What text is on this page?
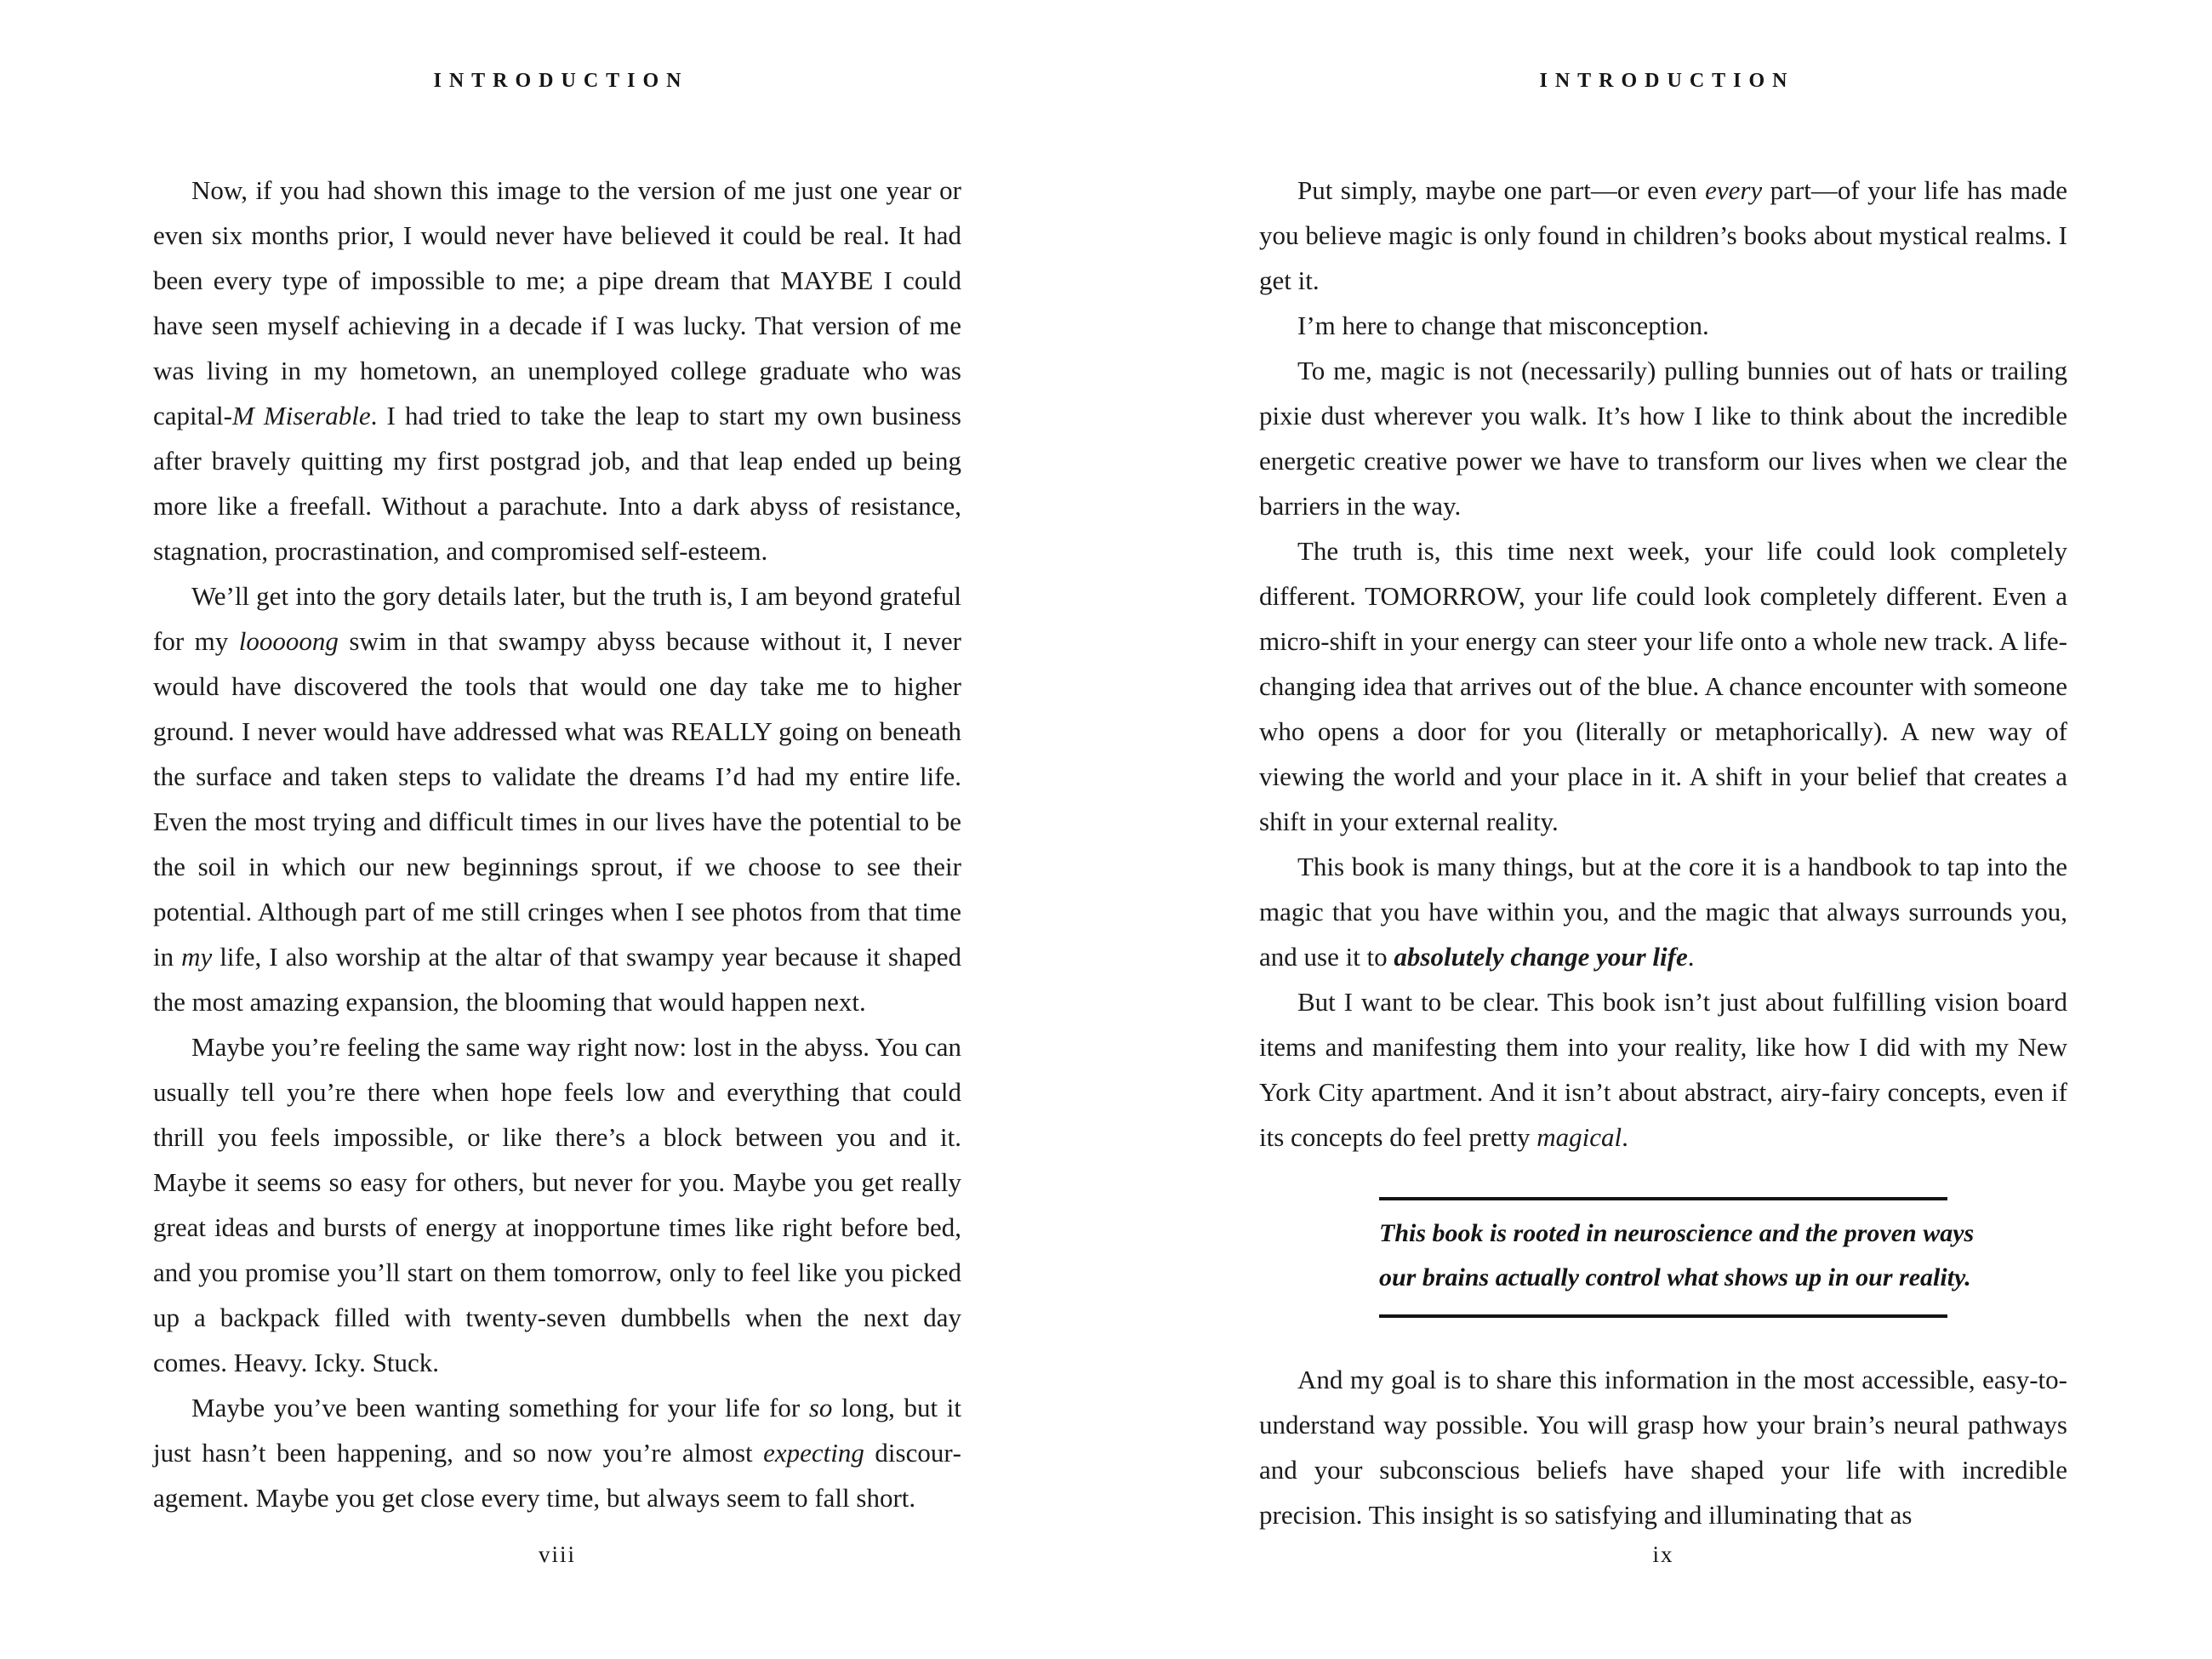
INTRODUCTION

Now, if you had shown this image to the version of me just one year or even six months prior, I would never have believed it could be real. It had been every type of impossible to me; a pipe dream that MAYBE I could have seen myself achieving in a decade if I was lucky. That version of me was living in my hometown, an unemployed college graduate who was capital-M Miserable. I had tried to take the leap to start my own business after bravely quitting my first postgrad job, and that leap ended up being more like a freefall. Without a parachute. Into a dark abyss of resistance, stagnation, procrastination, and compromised self-esteem.

We’ll get into the gory details later, but the truth is, I am beyond grateful for my looooong swim in that swampy abyss because without it, I never would have discovered the tools that would one day take me to higher ground. I never would have addressed what was REALLY going on beneath the surface and taken steps to validate the dreams I’d had my entire life. Even the most trying and difficult times in our lives have the potential to be the soil in which our new beginnings sprout, if we choose to see their potential. Although part of me still cringes when I see photos from that time in my life, I also worship at the altar of that swampy year because it shaped the most amazing expansion, the blooming that would happen next.

Maybe you’re feeling the same way right now: lost in the abyss. You can usually tell you’re there when hope feels low and everything that could thrill you feels impossible, or like there’s a block between you and it. Maybe it seems so easy for others, but never for you. Maybe you get really great ideas and bursts of energy at inopportune times like right before bed, and you promise you’ll start on them tomorrow, only to feel like you picked up a backpack filled with twenty-seven dumbbells when the next day comes. Heavy. Icky. Stuck.

Maybe you’ve been wanting something for your life for so long, but it just hasn’t been happening, and so now you’re almost expecting discouragement. Maybe you get close every time, but always seem to fall short.

viii
INTRODUCTION

Put simply, maybe one part—or even every part—of your life has made you believe magic is only found in children’s books about mystical realms. I get it.

I’m here to change that misconception.

To me, magic is not (necessarily) pulling bunnies out of hats or trailing pixie dust wherever you walk. It’s how I like to think about the incredible energetic creative power we have to transform our lives when we clear the barriers in the way.

The truth is, this time next week, your life could look completely different. TOMORROW, your life could look completely different. Even a micro-shift in your energy can steer your life onto a whole new track. A life-changing idea that arrives out of the blue. A chance encounter with someone who opens a door for you (literally or metaphorically). A new way of viewing the world and your place in it. A shift in your belief that creates a shift in your external reality.

This book is many things, but at the core it is a handbook to tap into the magic that you have within you, and the magic that always surrounds you, and use it to absolutely change your life.

But I want to be clear. This book isn’t just about fulfilling vision board items and manifesting them into your reality, like how I did with my New York City apartment. And it isn’t about abstract, airy-fairy concepts, even if its concepts do feel pretty magical.

This book is rooted in neuroscience and the proven ways
our brains actually control what shows up in our reality.

And my goal is to share this information in the most accessible, easy-to-understand way possible. You will grasp how your brain’s neural pathways and your subconscious beliefs have shaped your life with incredible precision. This insight is so satisfying and illuminating that as

ix
